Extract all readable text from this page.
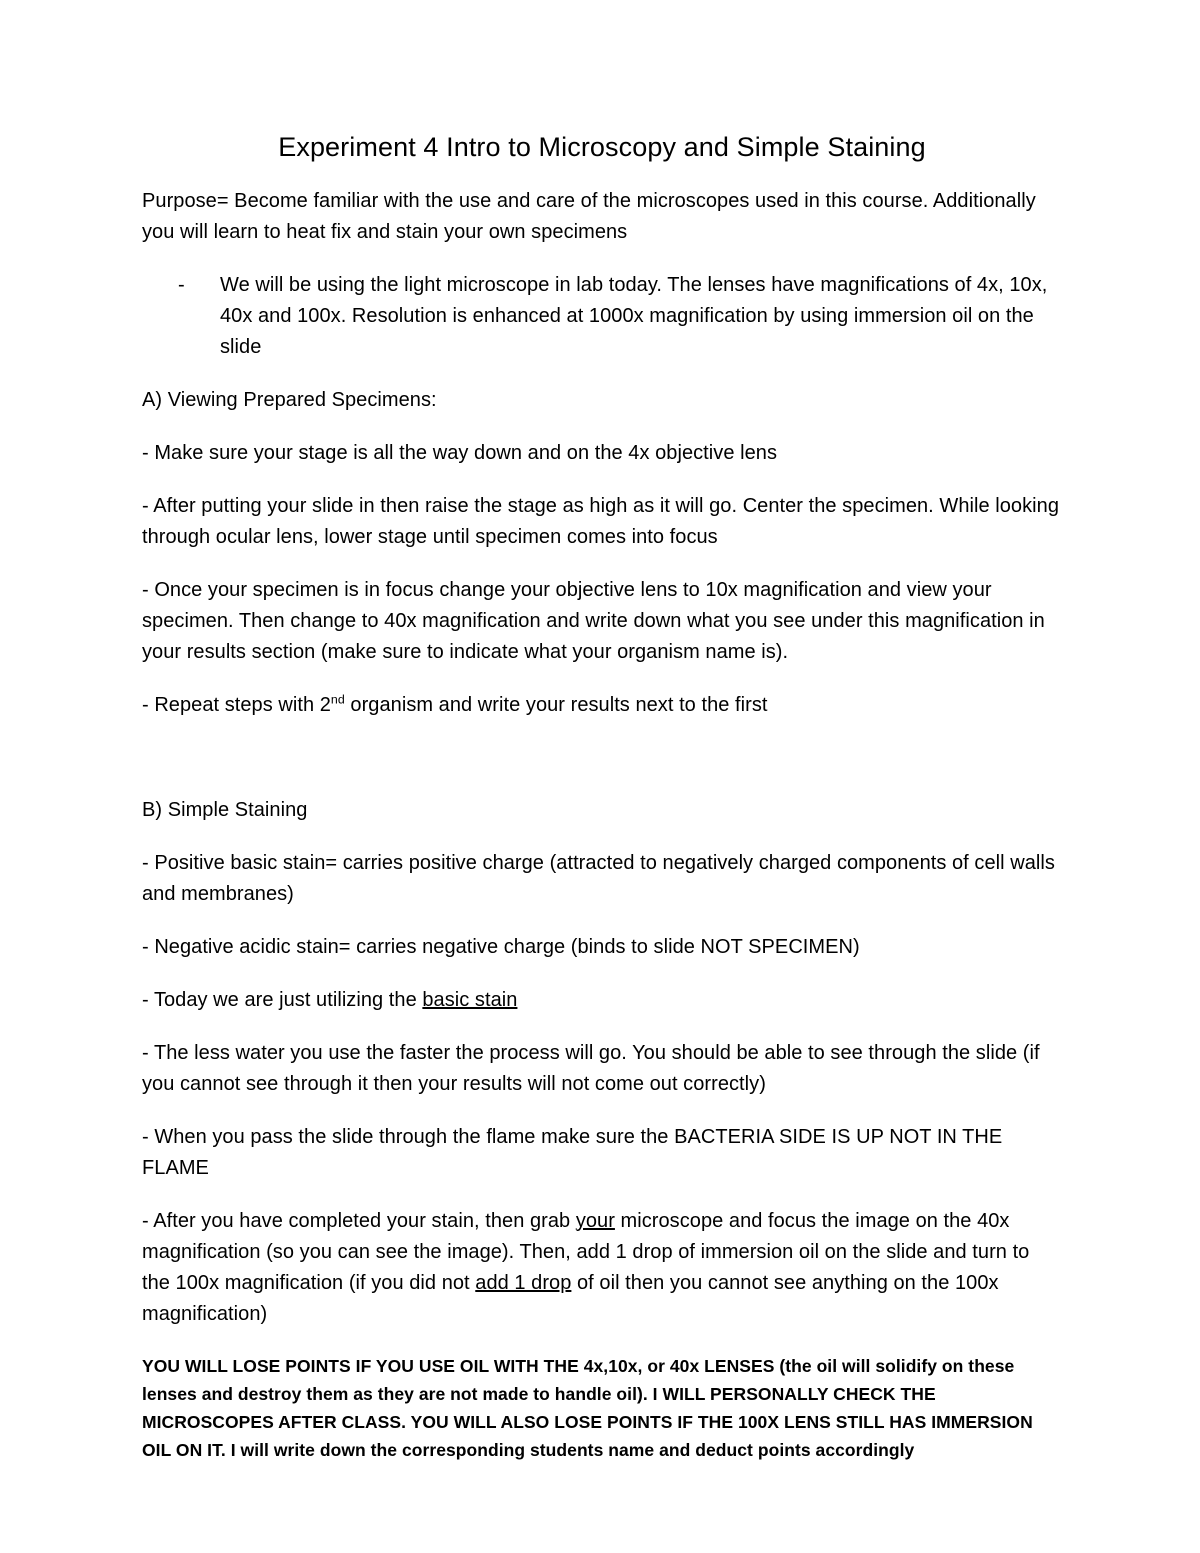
Experiment 4 Intro to Microscopy and Simple Staining

Purpose= Become familiar with the use and care of the microscopes used in this course. Additionally you will learn to heat fix and stain your own specimens

-	We will be using the light microscope in lab today. The lenses have magnifications of 4x, 10x, 40x and 100x. Resolution is enhanced at 1000x magnification by using immersion oil on the slide

A) Viewing Prepared Specimens:

- Make sure your stage is all the way down and on the 4x objective lens

- After putting your slide in then raise the stage as high as it will go. Center the specimen. While looking through ocular lens, lower stage until specimen comes into focus

- Once your specimen is in focus change your objective lens to 10x magnification and view your specimen. Then change to 40x magnification and write down what you see under this magnification in your results section (make sure to indicate what your organism name is).

- Repeat steps with 2nd organism and write your results next to the first

B) Simple Staining

- Positive basic stain= carries positive charge (attracted to negatively charged components of cell walls and membranes)

- Negative acidic stain= carries negative charge (binds to slide NOT SPECIMEN)

- Today we are just utilizing the basic stain

- The less water you use the faster the process will go. You should be able to see through the slide (if you cannot see through it then your results will not come out correctly)

- When you pass the slide through the flame make sure the BACTERIA SIDE IS UP NOT IN THE FLAME

- After you have completed your stain, then grab your microscope and focus the image on the 40x magnification (so you can see the image). Then, add 1 drop of immersion oil on the slide and turn to the 100x magnification (if you did not add 1 drop of oil then you cannot see anything on the 100x magnification)

YOU WILL LOSE POINTS IF YOU USE OIL WITH THE 4x,10x, or 40x LENSES (the oil will solidify on these lenses and destroy them as they are not made to handle oil). I WILL PERSONALLY CHECK THE MICROSCOPES AFTER CLASS. YOU WILL ALSO LOSE POINTS IF THE 100X LENS STILL HAS IMMERSION OIL ON IT. I will write down the corresponding students name and deduct points accordingly
